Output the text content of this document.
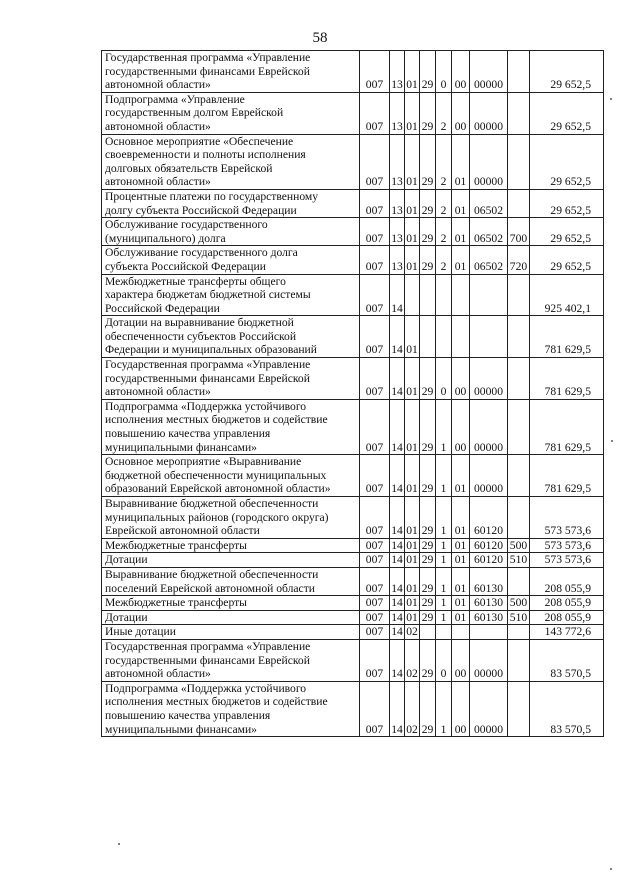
58
Государственная программа «Управление
государственными финансами Еврейской
автономной области»	007	13	01	29	0	00	00000		29 652,5
Подпрограмма «Управление
государственным долгом Еврейской
автономной области»	007	13	01	29	2	00	00000		29 652,5
Основное мероприятие «Обеспечение
своевременности и полноты исполнения
долговых обязательств Еврейской
автономной области»	007	13	01	29	2	01	00000		29 652,5
Процентные платежи по государственному
долгу субъекта Российской Федерации	007	13	01	29	2	01	06502		29 652,5
Обслуживание государственного
(муниципального) долга	007	13	01	29	2	01	06502	700	29 652,5
Обслуживание государственного долга
субъекта Российской Федерации	007	13	01	29	2	01	06502	720	29 652,5
Межбюджетные трансферты общего
характера бюджетам бюджетной системы
Российской Федерации	007	14							925 402,1
Дотации на выравнивание бюджетной
обеспеченности субъектов Российской
Федерации и муниципальных образований	007	14	01						781 629,5
Государственная программа «Управление
государственными финансами Еврейской
автономной области»	007	14	01	29	0	00	00000		781 629,5
Подпрограмма «Поддержка устойчивого
исполнения местных бюджетов и содействие
повышению качества управления
муниципальными финансами»	007	14	01	29	1	00	00000		781 629,5
Основное мероприятие «Выравнивание
бюджетной обеспеченности муниципальных
образований Еврейской автономной области»	007	14	01	29	1	01	00000		781 629,5
Выравнивание бюджетной обеспеченности
муниципальных районов (городского округа)
Еврейской автономной области	007	14	01	29	1	01	60120		573 573,6
Межбюджетные трансферты	007	14	01	29	1	01	60120	500	573 573,6
Дотации	007	14	01	29	1	01	60120	510	573 573,6
Выравнивание бюджетной обеспеченности
поселений Еврейской автономной области	007	14	01	29	1	01	60130		208 055,9
Межбюджетные трансферты	007	14	01	29	1	01	60130	500	208 055,9
Дотации	007	14	01	29	1	01	60130	510	208 055,9
Иные дотации	007	14	02						143 772,6
Государственная программа «Управление
государственными финансами Еврейской
автономной области»	007	14	02	29	0	00	00000		83 570,5
Подпрограмма «Поддержка устойчивого
исполнения местных бюджетов и содействие
повышению качества управления
муниципальными финансами»	007	14	02	29	1	00	00000		83 570,5
